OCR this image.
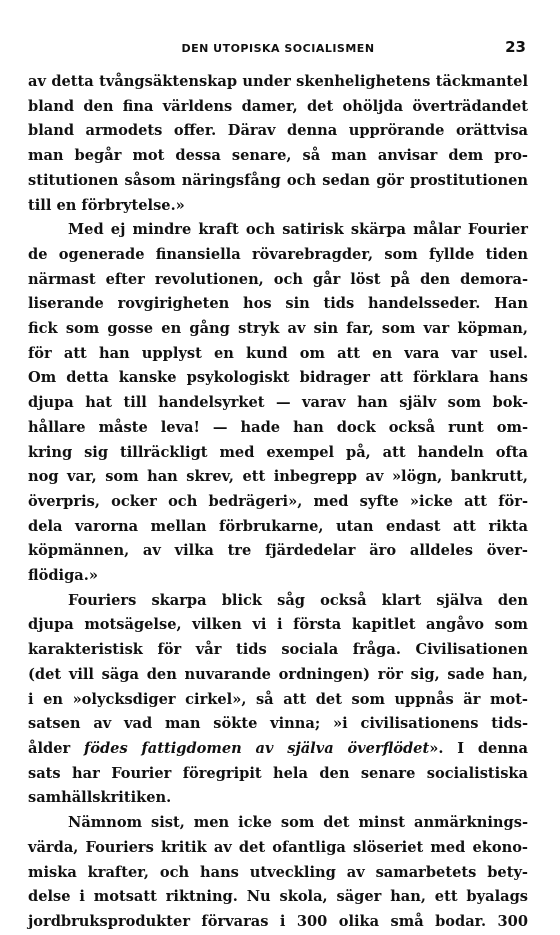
DEN UTOPISKA SOCIALISMEN	23

av detta tvångsäktenskap under skenhelighetens täckmantel
bland den fina världens damer, det ohöljda överträdandet
bland armodets offer. Därav denna upprörande orättvisa
man begår mot dessa senare, så man anvisar dem pro-
stitutionen såsom näringsfång och sedan gör prostitutionen
till en förbrytelse.»

Med ej mindre kraft och satirisk skärpa målar Fourier
de ogenerade finansiella rövarebragder, som fyllde tiden
närmast efter revolutionen, och går löst på den demora-
liserande rovgirigheten hos sin tids handelsseder. Han
fick som gosse en gång stryk av sin far, som var köpman,
för att han upplyst en kund om att en vara var usel.
Om detta kanske psykologiskt bidrager att förklara hans
djupa hat till handelsyrket — varav han själv som bok-
hållare måste leva! — hade han dock också runt om-
kring sig tillräckligt med exempel på, att handeln ofta
nog var, som han skrev, ett inbegrepp av »lögn, bankrutt,
överpris, ocker och bedrägeri», med syfte »icke att för-
dela varorna mellan förbrukarne, utan endast att rikta
köpmännen, av vilka tre fjärdedelar äro alldeles över-
flödiga.»

Fouriers skarpa blick såg också klart själva den
djupa motsägelse, vilken vi i första kapitlet angåvo som
karakteristisk för vår tids sociala fråga. Civilisationen
(det vill säga den nuvarande ordningen) rör sig, sade han,
i en »olycksdiger cirkel», så att det som uppnås är mot-
satsen av vad man sökte vinna; »i civilisationens tids-
ålder födes fattigdomen av själva överflödet». I denna
sats har Fourier föregripit hela den senare socialistiska
samhällskritiken.

Nämnom sist, men icke som det minst anmärknings-
värda, Fouriers kritik av det ofantliga slöseriet med ekono-
miska krafter, och hans utveckling av samarbetets bety-
delse i motsatt riktning. Nu skola, säger han, ett byalags
jordbruksprodukter förvaras i 300 olika små bodar. 300
